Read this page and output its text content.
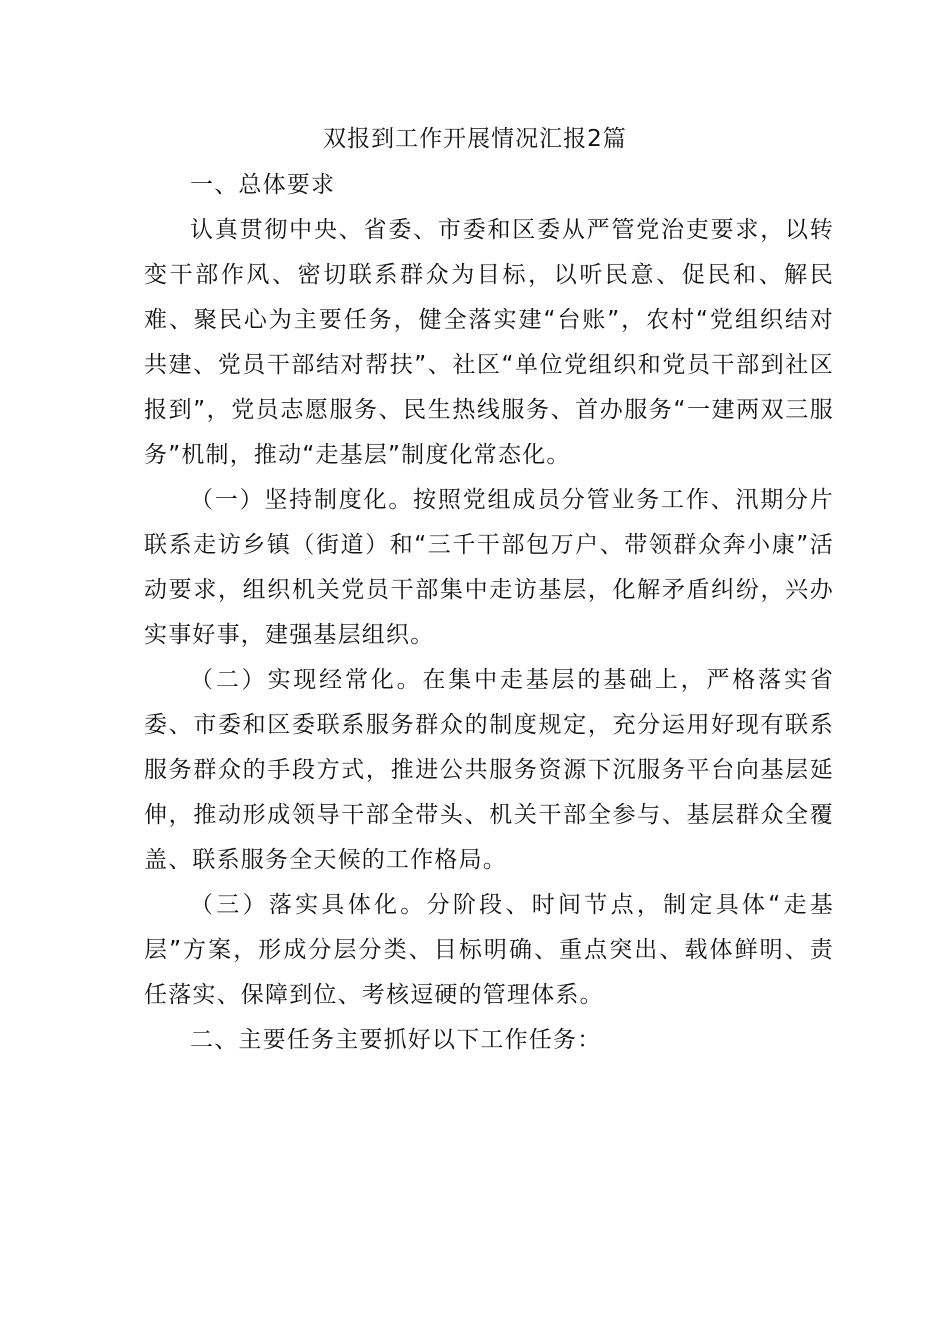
双报到工作开展情况汇报2篇

一、总体要求

认真贯彻中央、省委、市委和区委从严管党治吏要求，以转变干部作风、密切联系群众为目标，以听民意、促民和、解民难、聚民心为主要任务，健全落实建“台账”，农村“党组织结对共建、党员干部结对帮扶”、社区“单位党组织和党员干部到社区报到”，党员志愿服务、民生热线服务、首办服务“一建两双三服务”机制，推动“走基层”制度化常态化。

（一）坚持制度化。按照党组成员分管业务工作、汛期分片联系走访乡镇（街道）和“三千干部包万户、带领群众奔小康”活动要求，组织机关党员干部集中走访基层，化解矛盾纠纷，兴办实事好事，建强基层组织。

（二）实现经常化。在集中走基层的基础上，严格落实省委、市委和区委联系服务群众的制度规定，充分运用好现有联系服务群众的手段方式，推进公共服务资源下沉服务平台向基层延伸，推动形成领导干部全带头、机关干部全参与、基层群众全覆盖、联系服务全天候的工作格局。

（三）落实具体化。分阶段、时间节点，制定具体“走基层”方案，形成分层分类、目标明确、重点突出、载体鲜明、责任落实、保障到位、考核逗硬的管理体系。

二、主要任务主要抓好以下工作任务：
